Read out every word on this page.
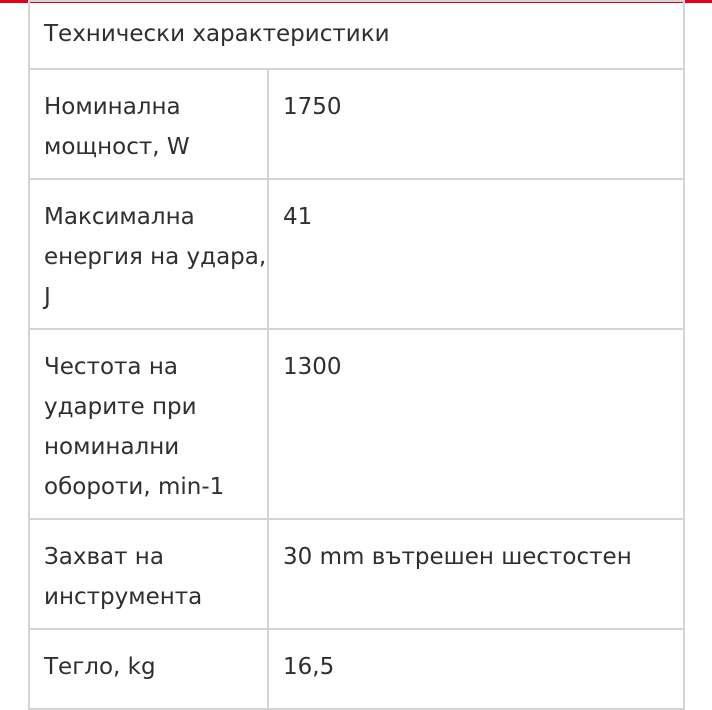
Технически характеристики	
Номинална мощност, W	1750
Максимална енергия на удара, J	41
Честота на ударите при номинални обороти, min-1	1300
Захват на инструмента	30 mm вътрешен шестостен
Тегло, kg	16,5
